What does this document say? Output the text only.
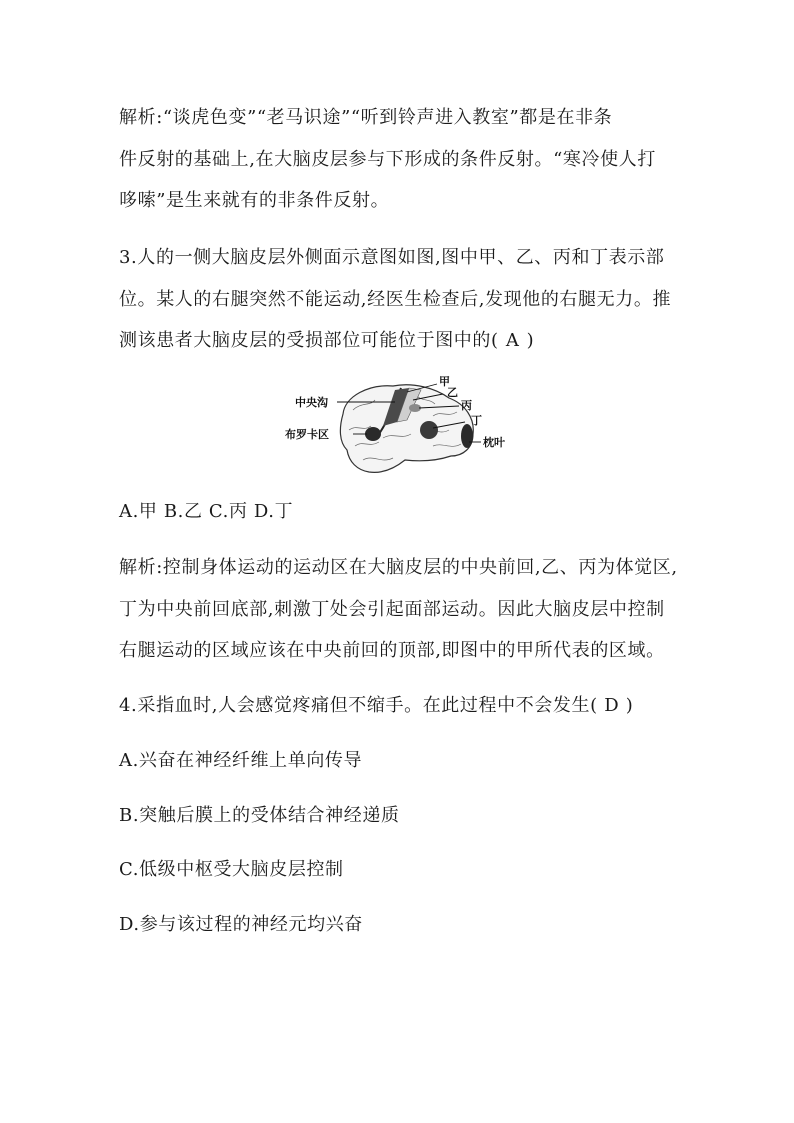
解析:“谈虎色变”“老马识途”“听到铃声进入教室”都是在非条
件反射的基础上,在大脑皮层参与下形成的条件反射。“寒冷使人打
哆嗦”是生来就有的非条件反射。
3.人的一侧大脑皮层外侧面示意图如图,图中甲、乙、丙和丁表示部
位。某人的右腿突然不能运动,经医生检查后,发现他的右腿无力。推
测该患者大脑皮层的受损部位可能位于图中的( A )
中央沟
布罗卡区
甲
乙
丙
丁
枕叶
A.甲 B.乙 C.丙 D.丁
解析:控制身体运动的运动区在大脑皮层的中央前回,乙、丙为体觉区,
丁为中央前回底部,刺激丁处会引起面部运动。因此大脑皮层中控制
右腿运动的区域应该在中央前回的顶部,即图中的甲所代表的区域。
4.采指血时,人会感觉疼痛但不缩手。在此过程中不会发生( D )
A.兴奋在神经纤维上单向传导
B.突触后膜上的受体结合神经递质
C.低级中枢受大脑皮层控制
D.参与该过程的神经元均兴奋
